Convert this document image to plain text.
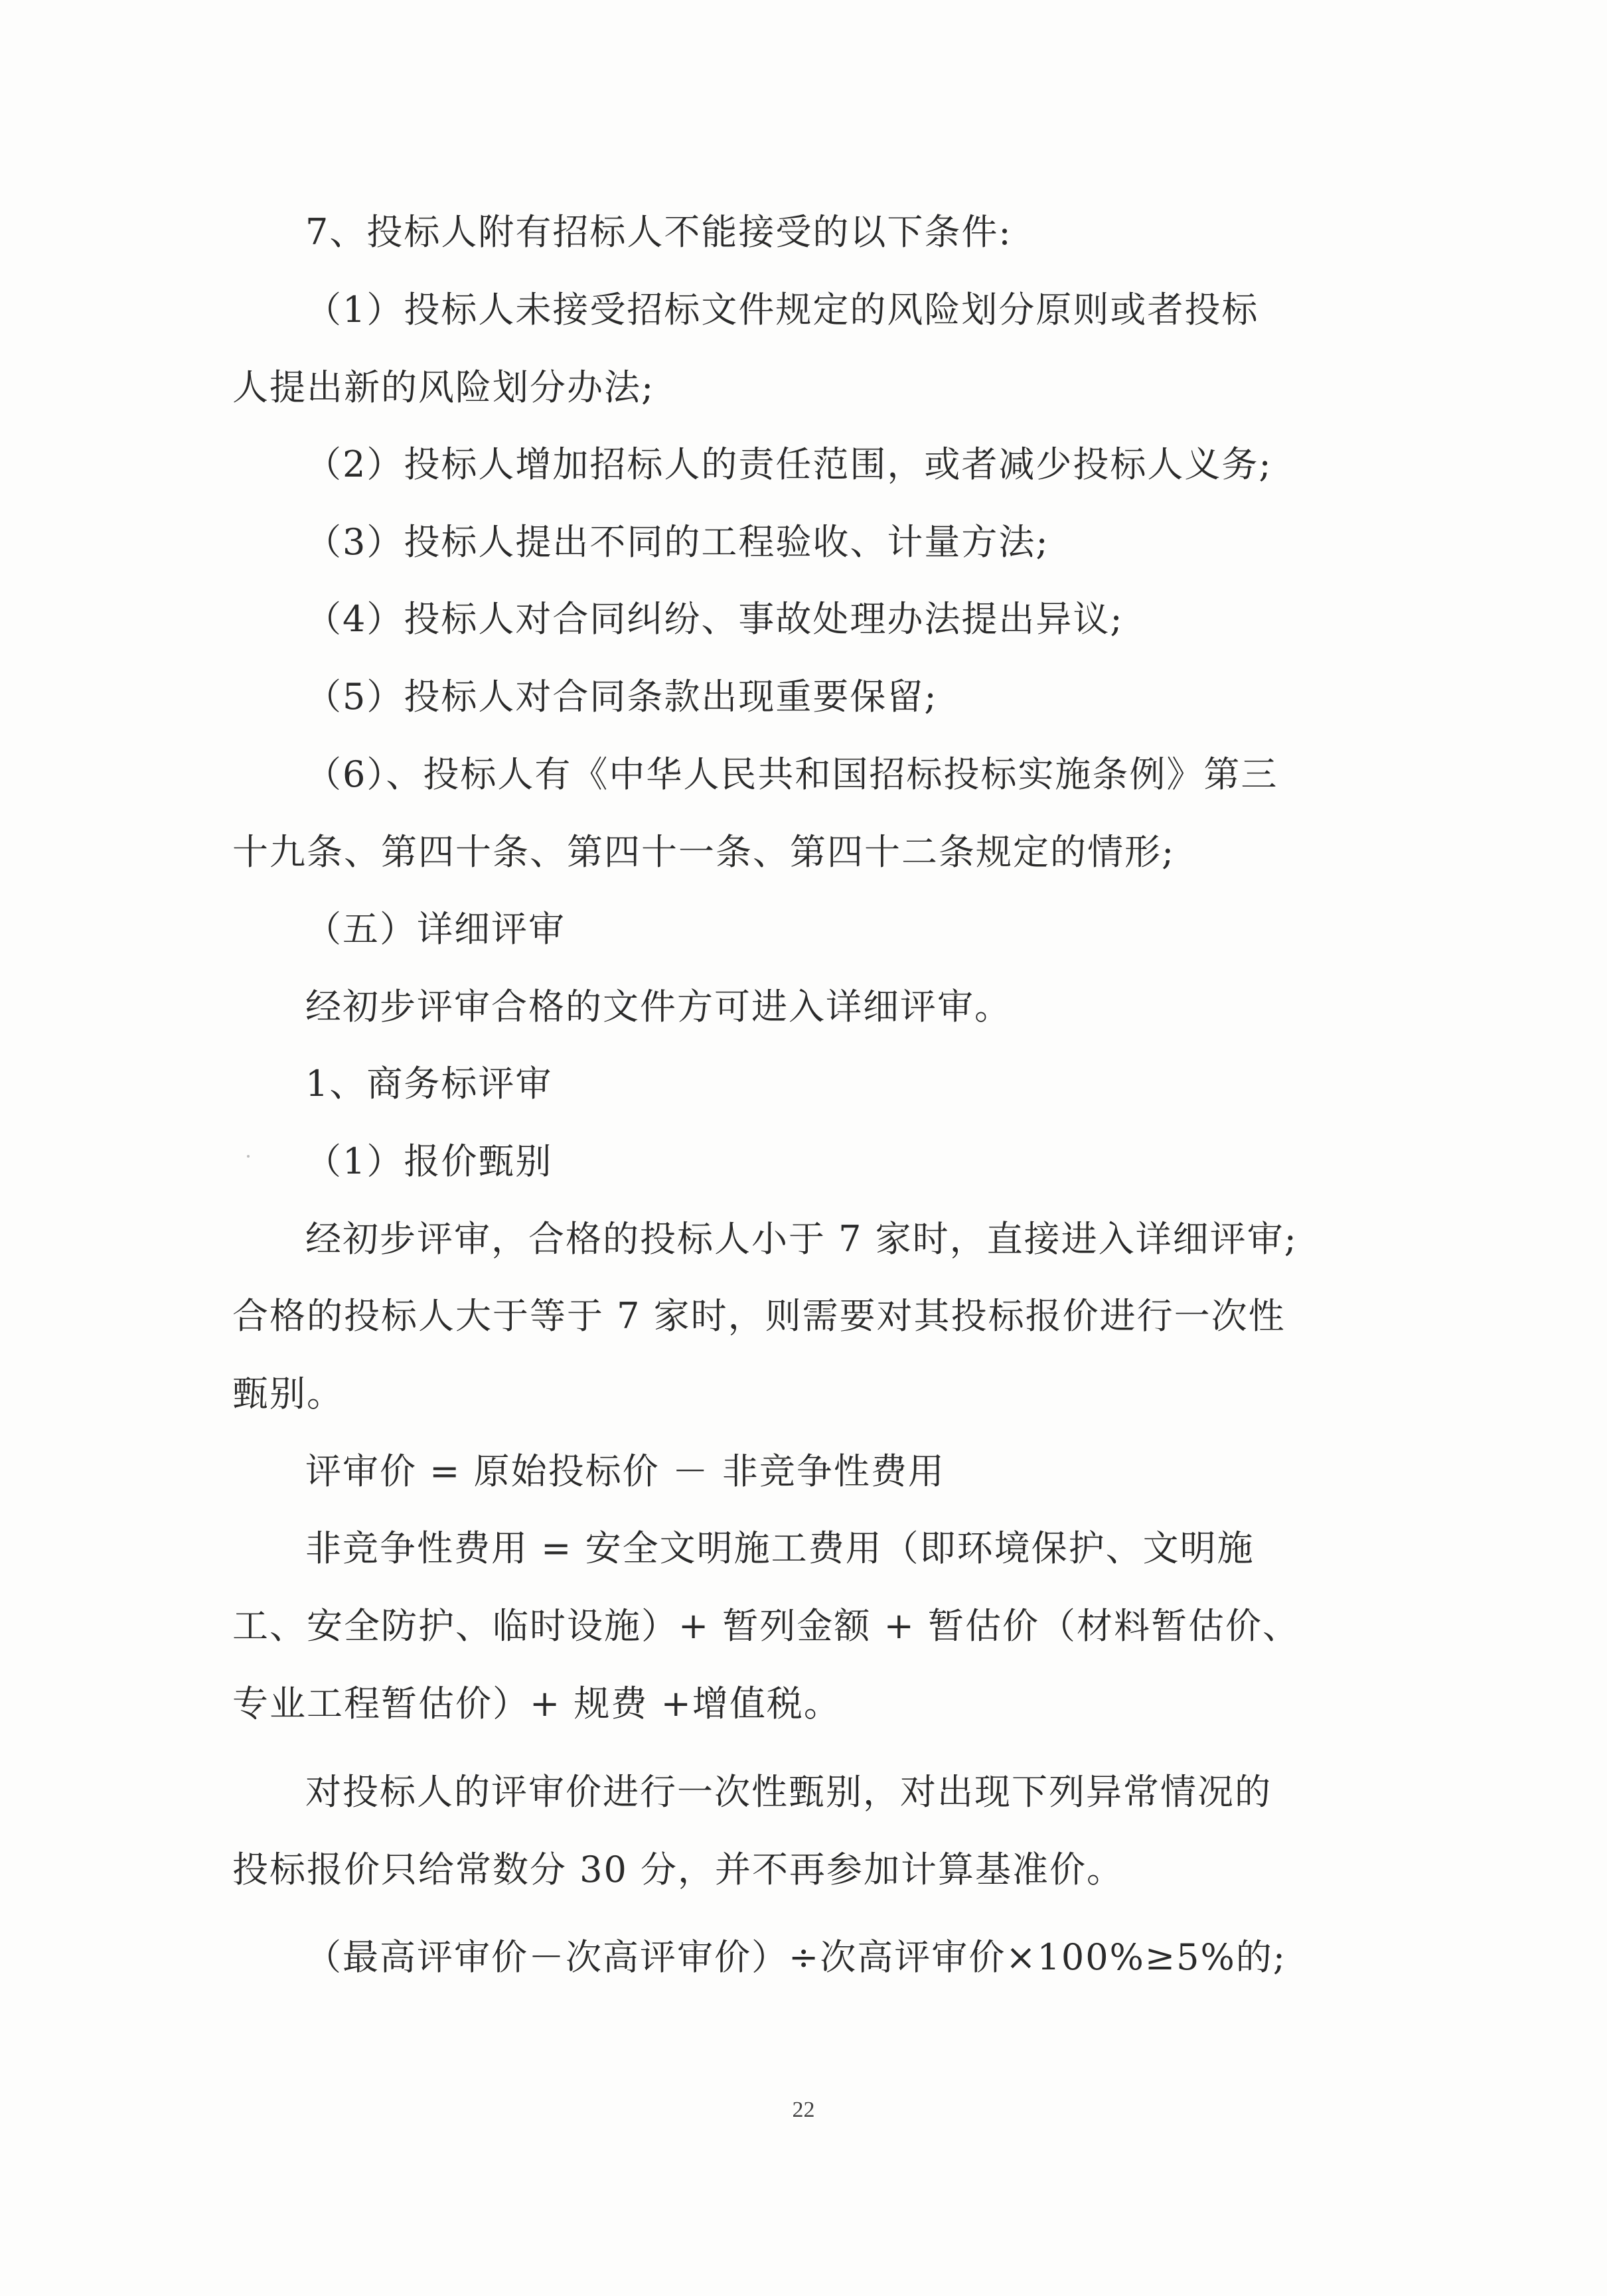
7、投标人附有招标人不能接受的以下条件:
（1）投标人未接受招标文件规定的风险划分原则或者投标
人提出新的风险划分办法;
（2）投标人增加招标人的责任范围，或者减少投标人义务;
（3）投标人提出不同的工程验收、计量方法;
（4）投标人对合同纠纷、事故处理办法提出异议;
（5）投标人对合同条款出现重要保留;
（6）、投标人有《中华人民共和国招标投标实施条例》第三
十九条、第四十条、第四十一条、第四十二条规定的情形;
（五）详细评审
经初步评审合格的文件方可进入详细评审。
1、商务标评审
（1）报价甄别
经初步评审，合格的投标人小于 7 家时，直接进入详细评审;
合格的投标人大于等于 7 家时，则需要对其投标报价进行一次性
甄别。
评审价 = 原始投标价 － 非竞争性费用
非竞争性费用 = 安全文明施工费用（即环境保护、文明施
工、安全防护、临时设施）+ 暂列金额 + 暂估价（材料暂估价、
专业工程暂估价）+ 规费 +增值税。
对投标人的评审价进行一次性甄别，对出现下列异常情况的
投标报价只给常数分 30 分，并不再参加计算基准价。
（最高评审价－次高评审价）÷次高评审价×100%≥5%的;
22
